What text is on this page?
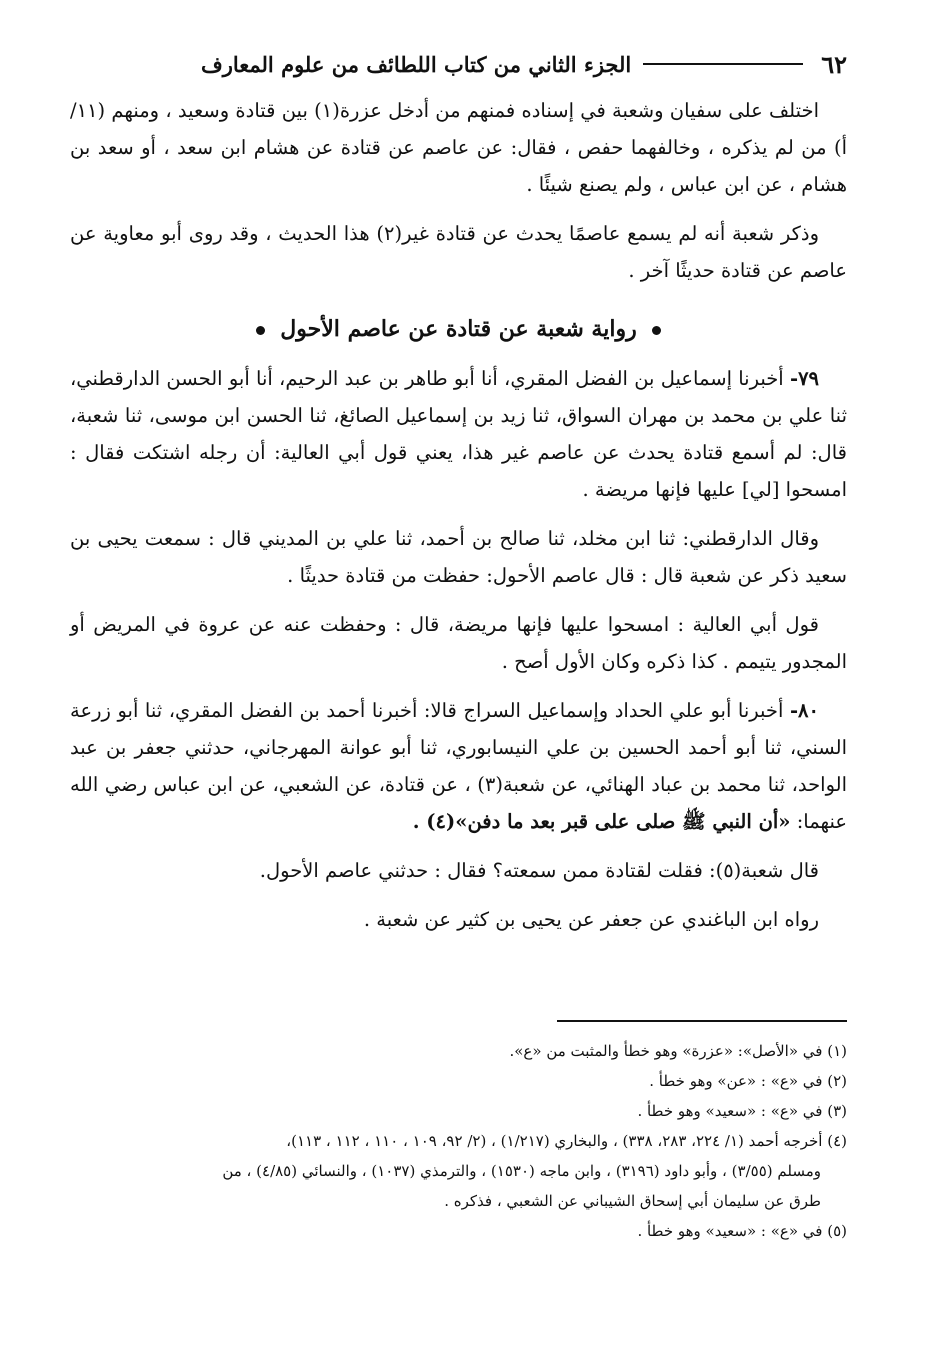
٦٢
الجزء الثاني من كتاب اللطائف من علوم المعارف

اختلف على سفيان وشعبة في إسناده فمنهم من أدخل عزرة(١) بين قتادة وسعيد ، ومنهم (١١/أ) من لم يذكره ، وخالفهما حفص ، فقال: عن عاصم عن قتادة عن هشام ابن سعد ، أو سعد بن هشام ، عن ابن عباس ، ولم يصنع شيئًا .

وذكر شعبة أنه لم يسمع عاصمًا يحدث عن قتادة غير(٢) هذا الحديث ، وقد روى أبو معاوية عن عاصم عن قتادة حديثًا آخر .

رواية شعبة عن قتادة عن عاصم الأحول

٧٩- أخبرنا إسماعيل بن الفضل المقري، أنا أبو طاهر بن عبد الرحيم، أنا أبو الحسن الدارقطني، ثنا علي بن محمد بن مهران السواق، ثنا زيد بن إسماعيل الصائغ، ثنا الحسن ابن موسى، ثنا شعبة، قال: لم أسمع قتادة يحدث عن عاصم غير هذا، يعني قول أبي العالية: أن رجله اشتكت فقال : امسحوا [لي] عليها فإنها مريضة .

وقال الدارقطني: ثنا ابن مخلد، ثنا صالح بن أحمد، ثنا علي بن المديني قال : سمعت يحيى بن سعيد ذكر عن شعبة قال : قال عاصم الأحول: حفظت من قتادة حديثًا .

قول أبي العالية : امسحوا عليها فإنها مريضة، قال : وحفظت عنه عن عروة في المريض أو المجدور يتيمم . كذا ذكره وكان الأول أصح .

٨٠- أخبرنا أبو علي الحداد وإسماعيل السراج قالا: أخبرنا أحمد بن الفضل المقري، ثنا أبو زرعة السني، ثنا أبو أحمد الحسين بن علي النيسابوري، ثنا أبو عوانة المهرجاني، حدثني جعفر بن عبد الواحد، ثنا محمد بن عباد الهنائي، عن شعبة(٣) ، عن قتادة، عن الشعبي، عن ابن عباس رضي الله عنهما: «أن النبي ﷺ صلى على قبر بعد ما دفن»(٤) .

قال شعبة(٥): فقلت لقتادة ممن سمعته؟ فقال : حدثني عاصم الأحول.

رواه ابن الباغندي عن جعفر عن يحيى بن كثير عن شعبة .

(١) في «الأصل»: «عزرة» وهو خطأ والمثبت من «ع».
(٢) في «ع» : «عن» وهو خطأ .
(٣) في «ع» : «سعيد» وهو خطأ .
(٤) أخرجه أحمد (١/ ٢٢٤، ٢٨٣، ٣٣٨) ، والبخاري (١/٢١٧) ، (٢/ ٩٢، ١٠٩ ، ١١٠ ، ١١٢ ، ١١٣)،
ومسلم (٣/٥٥) ، وأبو داود (٣١٩٦) ، وابن ماجه (١٥٣٠) ، والترمذي (١٠٣٧) ، والنسائي (٤/٨٥) ، من
طرق عن سليمان أبي إسحاق الشيباني عن الشعبي ، فذكره .
(٥) في «ع» : «سعيد» وهو خطأ .
